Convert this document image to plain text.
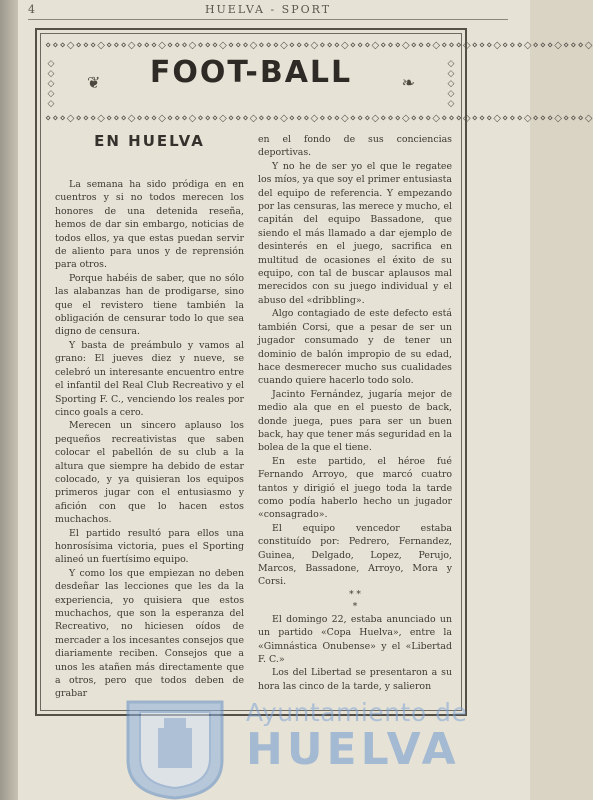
4	HUELVA - SPORT
⋄⋄⋄◇⋄⋄⋄◇⋄⋄⋄◇⋄⋄⋄◇⋄⋄⋄◇⋄⋄⋄◇⋄⋄⋄◇⋄⋄⋄◇⋄⋄⋄◇⋄⋄⋄◇⋄⋄⋄◇⋄⋄⋄◇⋄⋄⋄◇⋄⋄⋄◇⋄⋄⋄◇⋄⋄⋄◇⋄⋄⋄◇⋄⋄⋄◇
◇
◇
◇
◇
◇
◇
◇
◇
◇
◇
❦	❧
FOOT-BALL
⋄⋄⋄◇⋄⋄⋄◇⋄⋄⋄◇⋄⋄⋄◇⋄⋄⋄◇⋄⋄⋄◇⋄⋄⋄◇⋄⋄⋄◇⋄⋄⋄◇⋄⋄⋄◇⋄⋄⋄◇⋄⋄⋄◇⋄⋄⋄◇⋄⋄⋄◇⋄⋄⋄◇⋄⋄⋄◇⋄⋄⋄◇⋄⋄⋄◇
EN HUELVA

La semana ha sido pródiga en en cuentros y si no todos merecen los honores de una detenida reseña, hemos de dar sin embargo, noticias de todos ellos, ya que estas puedan servir de aliento para unos y de reprensión para otros.

Porque habéis de saber, que no sólo las alabanzas han de prodigarse, sino que el revistero tiene también la obligación de censurar todo lo que sea digno de censura.

Y basta de preámbulo y vamos al grano: El jueves diez y nueve, se celebró un interesante encuentro entre el infantil del Real Club Recreativo y el Sporting F. C., venciendo los reales por cinco goals a cero.

Merecen un sincero aplauso los pequeños recreativistas que saben colocar el pabellón de su club a la altura que siempre ha debido de estar colocado, y ya quisieran los equipos primeros jugar con el entusiasmo y afición con que lo hacen estos muchachos.

El partido resultó para ellos una honrosísima victoria, pues el Sporting alineó un fuertísimo equipo.

Y como los que empiezan no deben desdeñar las lecciones que les da la experiencia, yo quisiera que estos muchachos, que son la esperanza del Recreativo, no hiciesen oídos de mercader a los incesantes consejos que diariamente reciben. Consejos que a unos les atañen más directamente que a otros, pero que todos deben de grabar

en el fondo de sus conciencias deportivas.

Y no he de ser yo el que le regatee los míos, ya que soy el primer entusiasta del equipo de referencia. Y empezando por las censuras, las merece y mucho, el capitán del equipo Bassadone, que siendo el más llamado a dar ejemplo de desinterés en el juego, sacrifica en multitud de ocasiones el éxito de su equipo, con tal de buscar aplausos mal merecidos con su juego individual y el abuso del «dribbling».

Algo contagiado de este defecto está también Corsi, que a pesar de ser un jugador consumado y de tener un dominio de balón impropio de su edad, hace desmerecer mucho sus cualidades cuando quiere hacerlo todo solo.

Jacinto Fernández, jugaría mejor de medio ala que en el puesto de back, donde juega, pues para ser un buen back, hay que tener más seguridad en la bolea de la que el tiene.

En este partido, el héroe fué Fernando Arroyo, que marcó cuatro tantos y dirigió el juego toda la tarde como podía haberlo hecho un jugador «consagrado».

El equipo vencedor estaba constituído por: Pedrero, Fernandez, Guinea, Delgado, Lopez, Perujo, Marcos, Bassadone, Arroyo, Mora y Corsi.

* *
*

El domingo 22, estaba anunciado un un partido «Copa Huelva», entre la «Gimnástica Onubense» y el «Libertad F. C.»

Los del Libertad se presentaron a su hora las cinco de la tarde, y salieron

Ayuntamiento de
HUELVA
